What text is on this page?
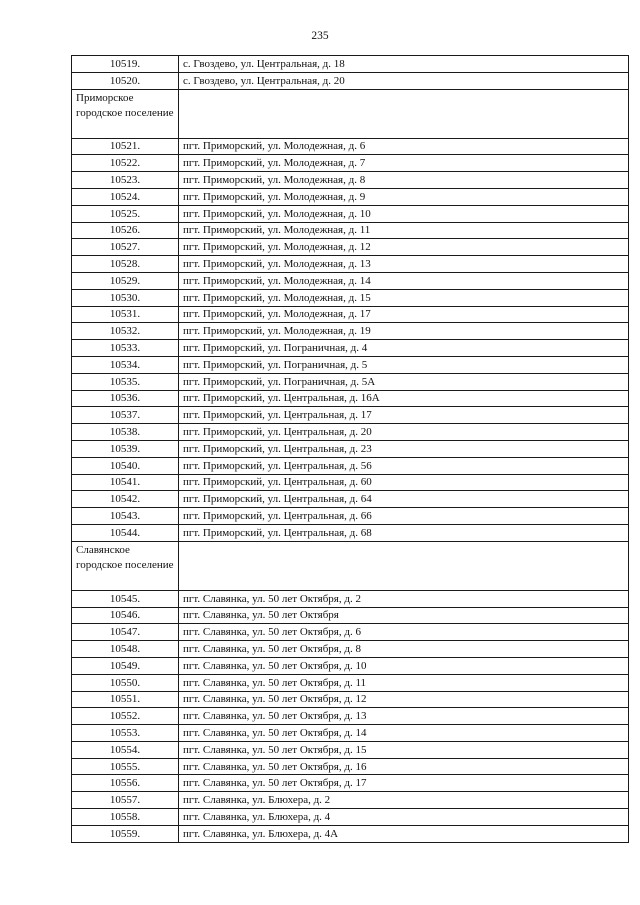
235
10519.	с. Гвоздево, ул. Центральная, д. 18
10520.	с. Гвоздево, ул. Центральная, д. 20
Приморское городское поселение	
10521.	пгт. Приморский, ул. Молодежная, д. 6
10522.	пгт. Приморский, ул. Молодежная, д. 7
10523.	пгт. Приморский, ул. Молодежная, д. 8
10524.	пгт. Приморский, ул. Молодежная, д. 9
10525.	пгт. Приморский, ул. Молодежная, д. 10
10526.	пгт. Приморский, ул. Молодежная, д. 11
10527.	пгт. Приморский, ул. Молодежная, д. 12
10528.	пгт. Приморский, ул. Молодежная, д. 13
10529.	пгт. Приморский, ул. Молодежная, д. 14
10530.	пгт. Приморский, ул. Молодежная, д. 15
10531.	пгт. Приморский, ул. Молодежная, д. 17
10532.	пгт. Приморский, ул. Молодежная, д. 19
10533.	пгт. Приморский, ул. Пограничная, д. 4
10534.	пгт. Приморский, ул. Пограничная, д. 5
10535.	пгт. Приморский, ул. Пограничная, д. 5А
10536.	пгт. Приморский, ул. Центральная, д. 16А
10537.	пгт. Приморский, ул. Центральная, д. 17
10538.	пгт. Приморский, ул. Центральная, д. 20
10539.	пгт. Приморский, ул. Центральная, д. 23
10540.	пгт. Приморский, ул. Центральная, д. 56
10541.	пгт. Приморский, ул. Центральная, д. 60
10542.	пгт. Приморский, ул. Центральная, д. 64
10543.	пгт. Приморский, ул. Центральная, д. 66
10544.	пгт. Приморский, ул. Центральная, д. 68
Славянское городское поселение	
10545.	пгт. Славянка, ул. 50 лет Октября, д. 2
10546.	пгт. Славянка, ул. 50 лет Октября
10547.	пгт. Славянка, ул. 50 лет Октября, д. 6
10548.	пгт. Славянка, ул. 50 лет Октября, д. 8
10549.	пгт. Славянка, ул. 50 лет Октября, д. 10
10550.	пгт. Славянка, ул. 50 лет Октября, д. 11
10551.	пгт. Славянка, ул. 50 лет Октября, д. 12
10552.	пгт. Славянка, ул. 50 лет Октября, д. 13
10553.	пгт. Славянка, ул. 50 лет Октября, д. 14
10554.	пгт. Славянка, ул. 50 лет Октября, д. 15
10555.	пгт. Славянка, ул. 50 лет Октября, д. 16
10556.	пгт. Славянка, ул. 50 лет Октября, д. 17
10557.	пгт. Славянка, ул. Блюхера, д. 2
10558.	пгт. Славянка, ул. Блюхера, д. 4
10559.	пгт. Славянка, ул. Блюхера, д. 4А
